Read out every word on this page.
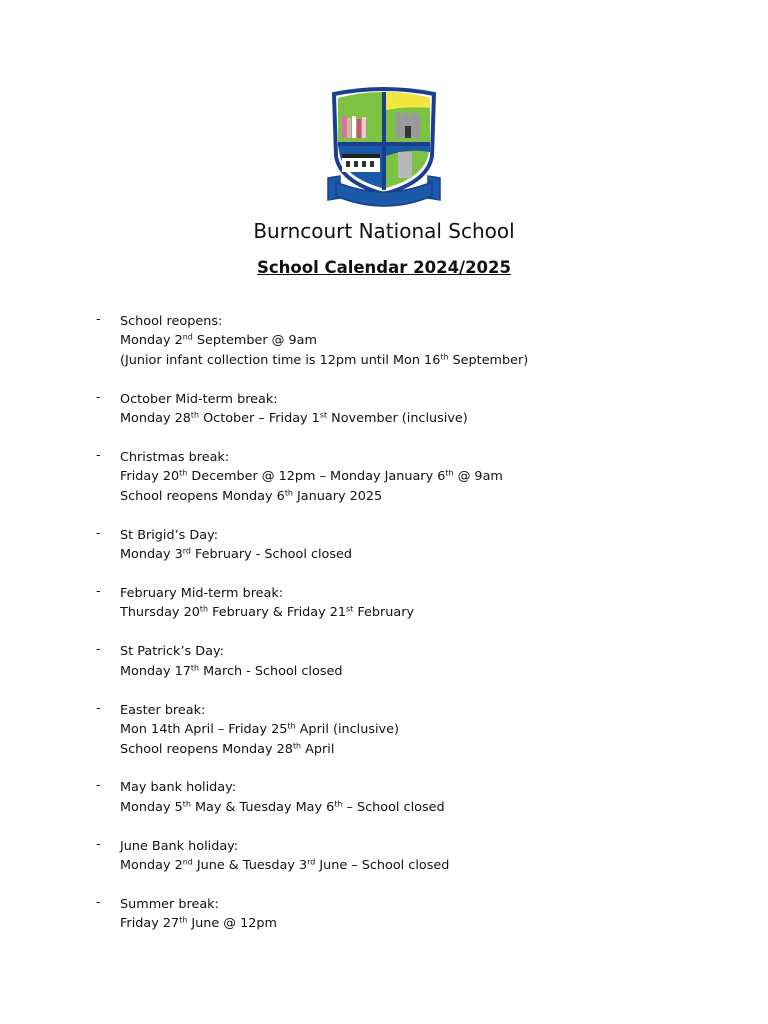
Burncourt National School
School Calendar 2024/2025
- School reopens:
Monday 2nd September @ 9am
(Junior infant collection time is 12pm until Mon 16th September)
- October Mid-term break:
Monday 28th October – Friday 1st November (inclusive)
- Christmas break:
Friday 20th December @ 12pm – Monday January 6th @ 9am
School reopens Monday 6th January 2025
- St Brigid’s Day:
Monday 3rd February - School closed
- February Mid-term break:
Thursday 20th February & Friday 21st February
- St Patrick’s Day:
Monday 17th March - School closed
- Easter break:
Mon 14th April – Friday 25th April (inclusive)
School reopens Monday 28th April
- May bank holiday:
Monday 5th May & Tuesday May 6th – School closed
- June Bank holiday:
Monday 2nd June & Tuesday 3rd June – School closed
- Summer break:
Friday 27th June @ 12pm
